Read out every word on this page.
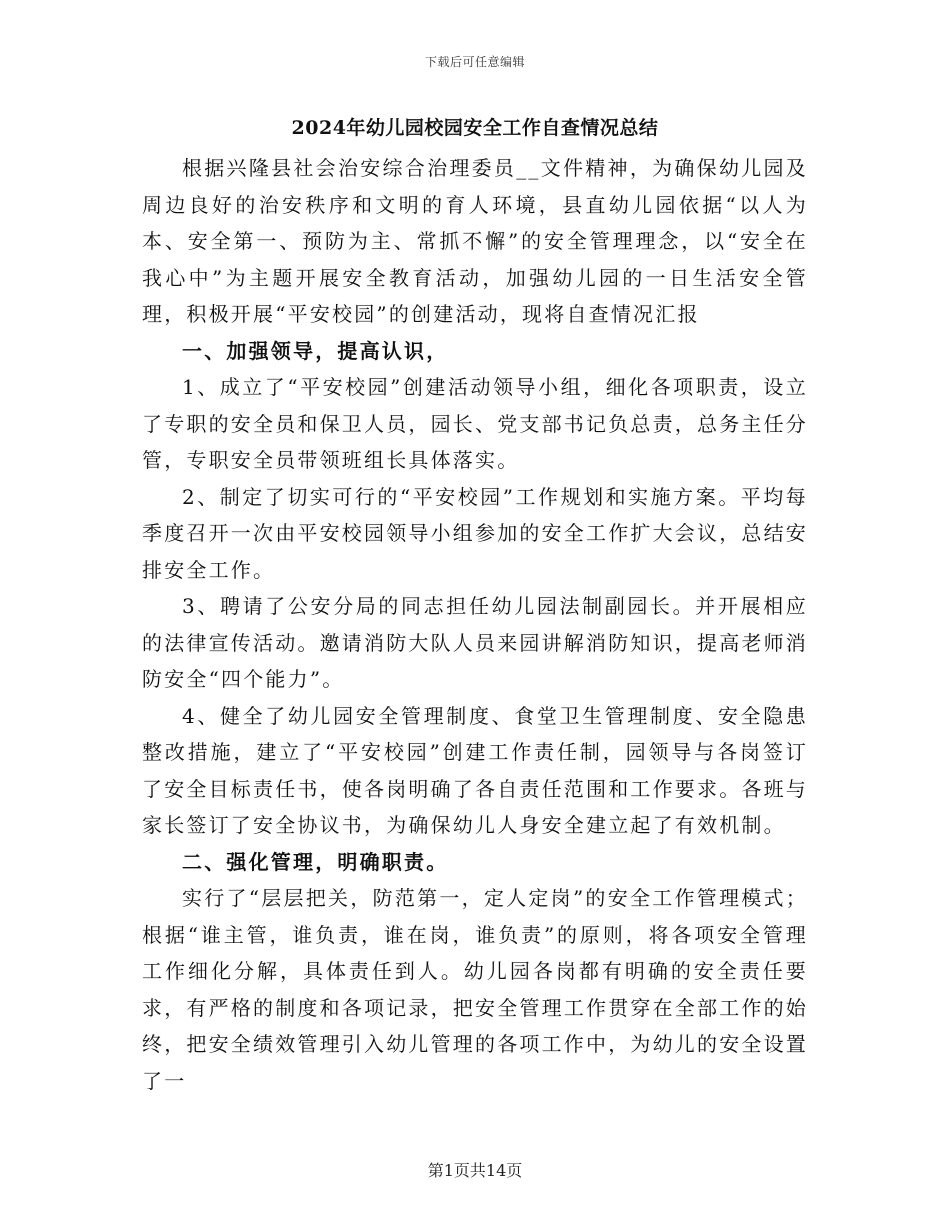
下载后可任意编辑
2024年幼儿园校园安全工作自查情况总结

根据兴隆县社会治安综合治理委员__文件精神，为确保幼儿园及周边良好的治安秩序和文明的育人环境，县直幼儿园依据“以人为本、安全第一、预防为主、常抓不懈”的安全管理理念，以“安全在我心中”为主题开展安全教育活动，加强幼儿园的一日生活安全管理，积极开展“平安校园”的创建活动，现将自查情况汇报

一、加强领导，提高认识，

1、成立了“平安校园”创建活动领导小组，细化各项职责，设立了专职的安全员和保卫人员，园长、党支部书记负总责，总务主任分管，专职安全员带领班组长具体落实。

2、制定了切实可行的“平安校园”工作规划和实施方案。平均每季度召开一次由平安校园领导小组参加的安全工作扩大会议，总结安排安全工作。

3、聘请了公安分局的同志担任幼儿园法制副园长。并开展相应的法律宣传活动。邀请消防大队人员来园讲解消防知识，提高老师消防安全“四个能力”。

4、健全了幼儿园安全管理制度、食堂卫生管理制度、安全隐患整改措施，建立了“平安校园”创建工作责任制，园领导与各岗签订了安全目标责任书，使各岗明确了各自责任范围和工作要求。各班与家长签订了安全协议书，为确保幼儿人身安全建立起了有效机制。

二、强化管理，明确职责。

实行了“层层把关，防范第一，定人定岗”的安全工作管理模式；根据“谁主管，谁负责，谁在岗，谁负责”的原则，将各项安全管理工作细化分解，具体责任到人。幼儿园各岗都有明确的安全责任要求，有严格的制度和各项记录，把安全管理工作贯穿在全部工作的始终，把安全绩效管理引入幼儿管理的各项工作中，为幼儿的安全设置了一

第1页共14页
